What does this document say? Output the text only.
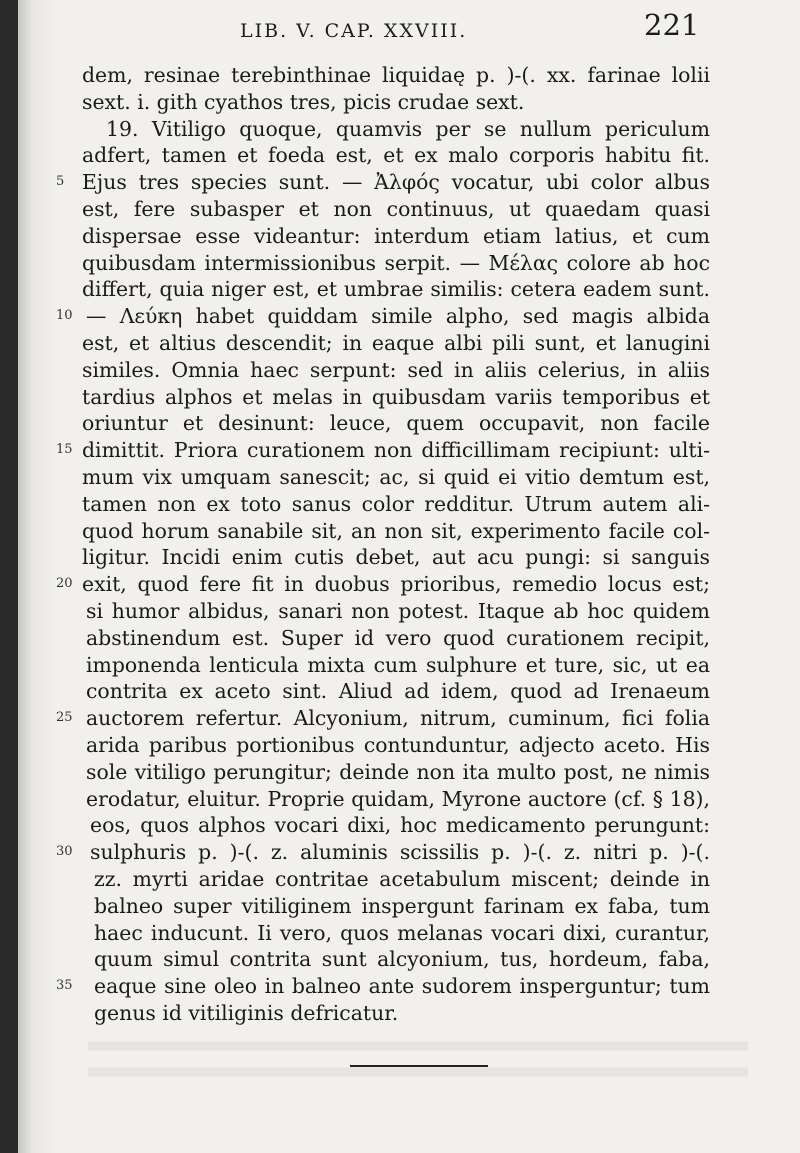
LIB. V. CAP. XXVIII.	221
dem, resinae terebinthinae liquidaę p. )-(. xx. farinae lolii
sext. i. gith cyathos tres, picis crudae sext.
19. Vitiligo quoque, quamvis per se nullum periculum
adfert, tamen et foeda est, et ex malo corporis habitu fit.
5 Ejus tres species sunt. — Ἀλφός vocatur, ubi color albus
est, fere subasper et non continuus, ut quaedam quasi
dispersae esse videantur: interdum etiam latius, et cum
quibusdam intermissionibus serpit. — Μέλας colore ab hoc
differt, quia niger est, et umbrae similis: cetera eadem sunt.
10 — Λεύκη habet quiddam simile alpho, sed magis albida
est, et altius descendit; in eaque albi pili sunt, et lanugini
similes. Omnia haec serpunt: sed in aliis celerius, in aliis
tardius alphos et melas in quibusdam variis temporibus et
oriuntur et desinunt: leuce, quem occupavit, non facile
15 dimittit. Priora curationem non difficillimam recipiunt: ulti-
mum vix umquam sanescit; ac, si quid ei vitio demtum est,
tamen non ex toto sanus color redditur. Utrum autem ali-
quod horum sanabile sit, an non sit, experimento facile col-
ligitur. Incidi enim cutis debet, aut acu pungi: si sanguis
20 exit, quod fere fit in duobus prioribus, remedio locus est;
si humor albidus, sanari non potest. Itaque ab hoc quidem
abstinendum est. Super id vero quod curationem recipit,
imponenda lenticula mixta cum sulphure et ture, sic, ut ea
contrita ex aceto sint. Aliud ad idem, quod ad Irenaeum
25 auctorem refertur. Alcyonium, nitrum, cuminum, fici folia
arida paribus portionibus contunduntur, adjecto aceto. His
sole vitiligo perungitur; deinde non ita multo post, ne nimis
erodatur, eluitur. Proprie quidam, Myrone auctore (cf. § 18),
eos, quos alphos vocari dixi, hoc medicamento perungunt:
30 sulphuris p. )-(. z. aluminis scissilis p. )-(. z. nitri p. )-(.
zz. myrti aridae contritae acetabulum miscent; deinde in
balneo super vitiliginem inspergunt farinam ex faba, tum
haec inducunt. Ii vero, quos melanas vocari dixi, curantur,
quum simul contrita sunt alcyonium, tus, hordeum, faba,
35 eaque sine oleo in balneo ante sudorem insperguntur; tum
genus id vitiliginis defricatur.
